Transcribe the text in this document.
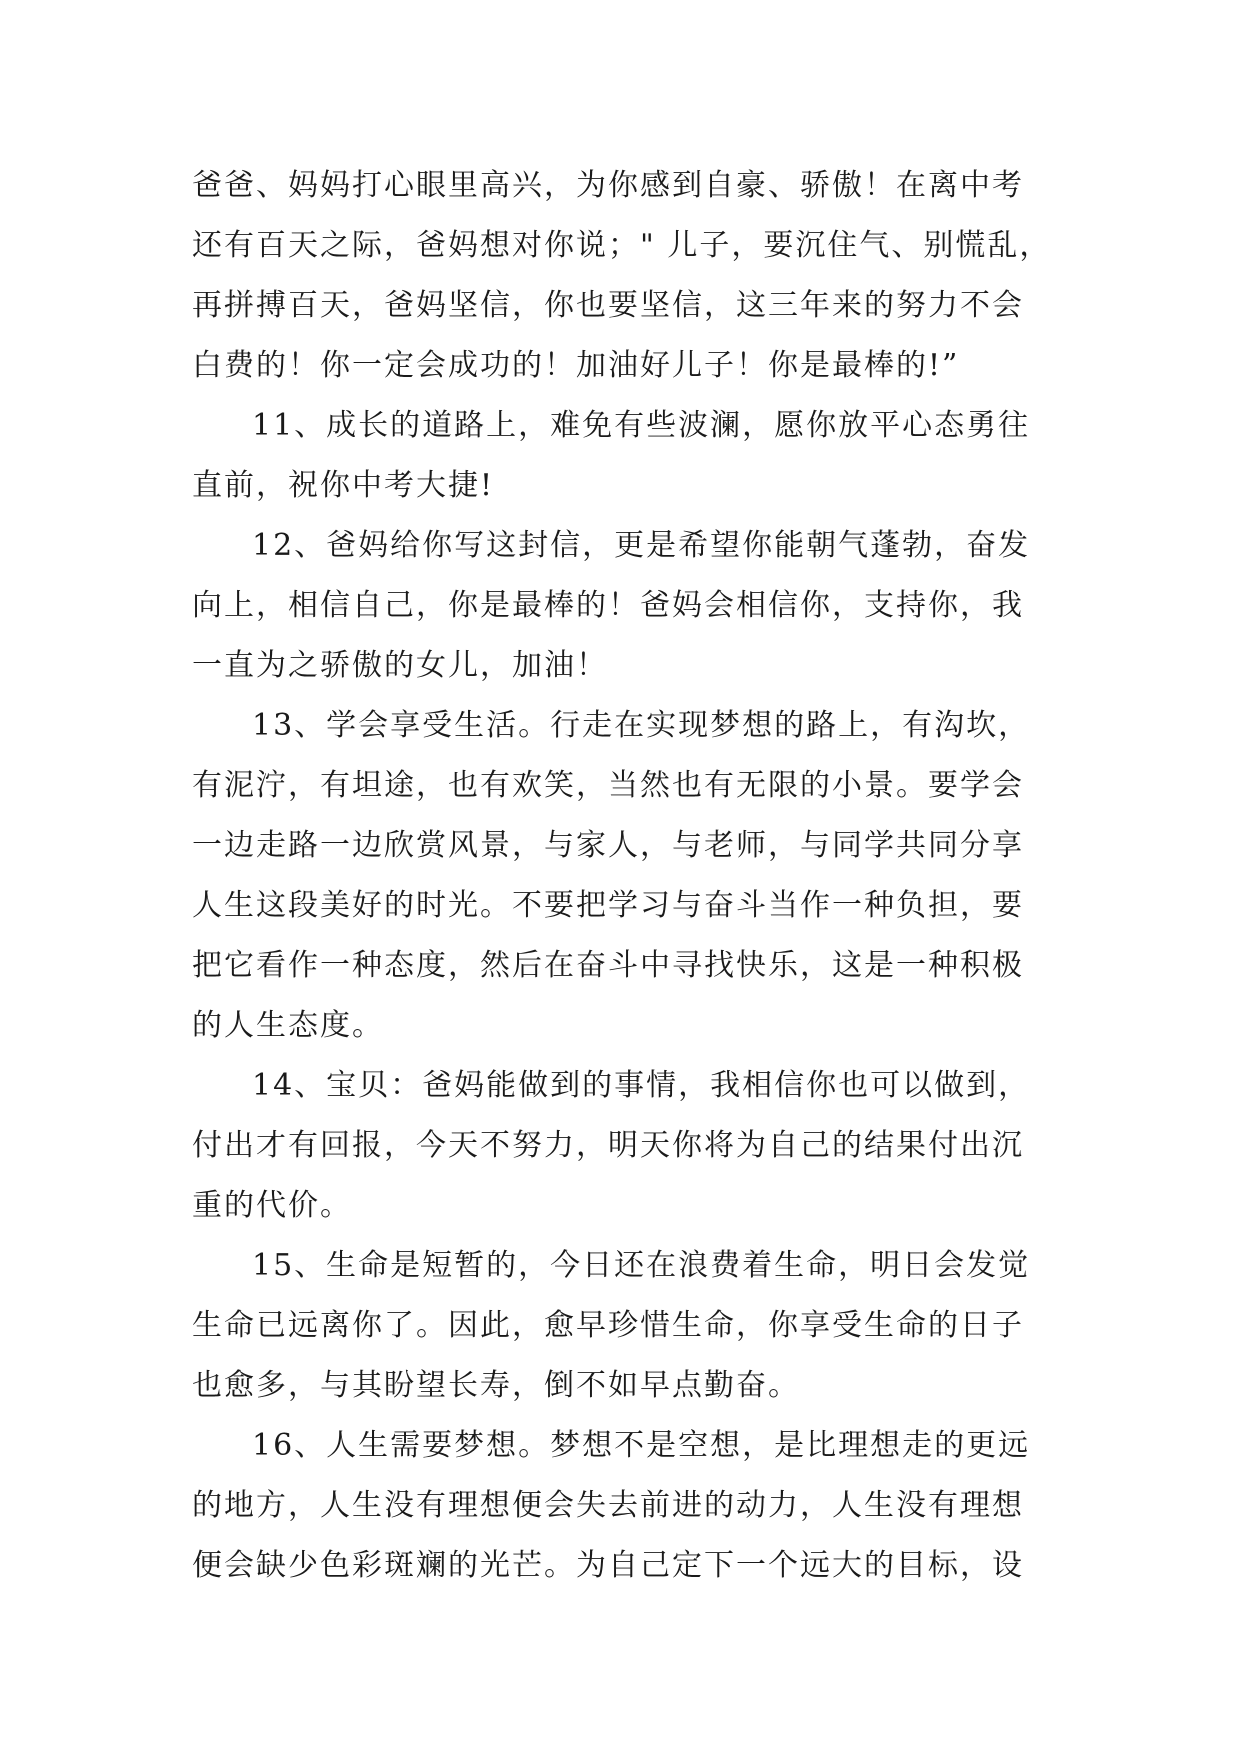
爸爸、妈妈打心眼里高兴，为你感到自豪、骄傲！在离中考
还有百天之际，爸妈想对你说；" 儿子，要沉住气、别慌乱，
再拼搏百天，爸妈坚信，你也要坚信，这三年来的努力不会
白费的！你一定会成功的！加油好儿子！你是最棒的!”
11、成长的道路上，难免有些波澜，愿你放平心态勇往
直前，祝你中考大捷!
12、爸妈给你写这封信，更是希望你能朝气蓬勃，奋发
向上，相信自己，你是最棒的！爸妈会相信你，支持你，我
一直为之骄傲的女儿，加油！
13、学会享受生活。行走在实现梦想的路上，有沟坎，
有泥泞，有坦途，也有欢笑，当然也有无限的小景。要学会
一边走路一边欣赏风景，与家人，与老师，与同学共同分享
人生这段美好的时光。不要把学习与奋斗当作一种负担，要
把它看作一种态度，然后在奋斗中寻找快乐，这是一种积极
的人生态度。
14、宝贝：爸妈能做到的事情，我相信你也可以做到，
付出才有回报，今天不努力，明天你将为自己的结果付出沉
重的代价。
15、生命是短暂的，今日还在浪费着生命，明日会发觉
生命已远离你了。因此，愈早珍惜生命，你享受生命的日子
也愈多，与其盼望长寿，倒不如早点勤奋。
16、人生需要梦想。梦想不是空想，是比理想走的更远
的地方，人生没有理想便会失去前进的动力，人生没有理想
便会缺少色彩斑斓的光芒。为自己定下一个远大的目标，设
